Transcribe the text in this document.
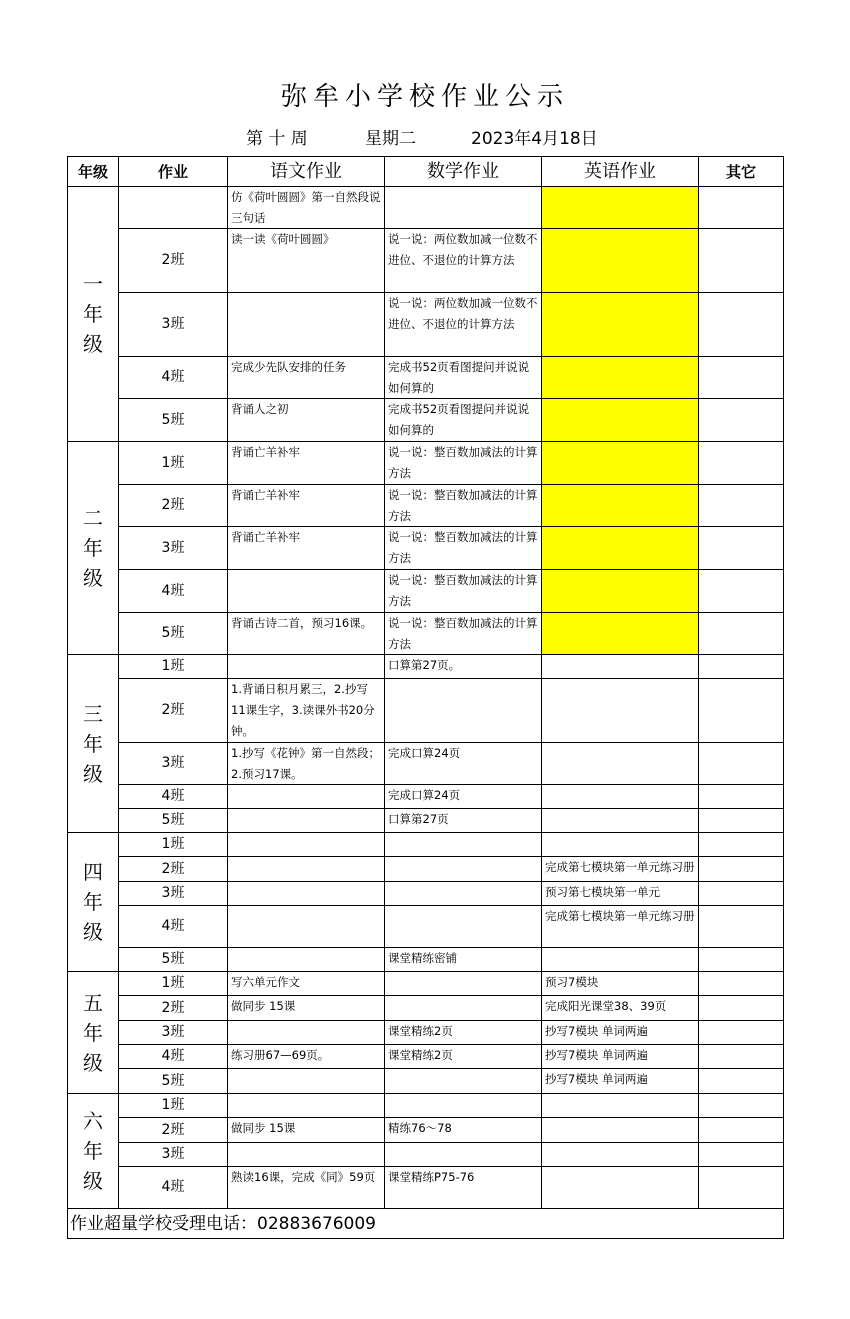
弥牟小学校作业公示
第 十 周	星期二	2023年4月18日
年级	作业	语文作业	数学作业	英语作业	其它
一
年
级		仿《荷叶圆圆》第一自然段说三句话			

	2班	读一读《荷叶圆圆》	说一说：两位数加减一位数不进位、不退位的计算方法		

	3班		说一说：两位数加减一位数不进位、不退位的计算方法		

	4班	完成少先队安排的任务	完成书52页看图提问并说说如何算的		

	5班	背诵人之初	完成书52页看图提问并说说如何算的		

二
年
级	1班	背诵亡羊补牢	说一说：整百数加减法的计算方法		

	2班	背诵亡羊补牢	说一说：整百数加减法的计算方法		

	3班	背诵亡羊补牢	说一说：整百数加减法的计算方法		

	4班		说一说：整百数加减法的计算方法		

	5班	背诵古诗二首，预习16课。	说一说：整百数加减法的计算方法		

三
年
级	1班		口算第27页。		

	2班	1.背诵日积月累三，2.抄写11课生字，3.读课外书20分钟。			

	3班	1.抄写《花钟》第一自然段；2.预习17课。	完成口算24页		

	4班		完成口算24页		

	5班		口算第27页		

四
年
级	1班	

	2班			完成第七模块第一单元练习册	

	3班			预习第七模块第一单元	

	4班			完成第七模块第一单元练习册	

	5班		课堂精练密铺		

五
年
级	1班	写六单元作文		预习7模块	

	2班	做同步 15课		完成阳光课堂38、39页	

	3班		课堂精练2页	抄写7模块 单词两遍	

	4班	练习册67—69页。	课堂精练2页	抄写7模块 单词两遍	

	5班			抄写7模块 单词两遍	

六
年
级	1班	

	2班	做同步 15课	精练76～78		

	3班	

	4班	熟读16课，完成《同》59页	课堂精练P75-76		

作业超量学校受理电话：02883676009					
